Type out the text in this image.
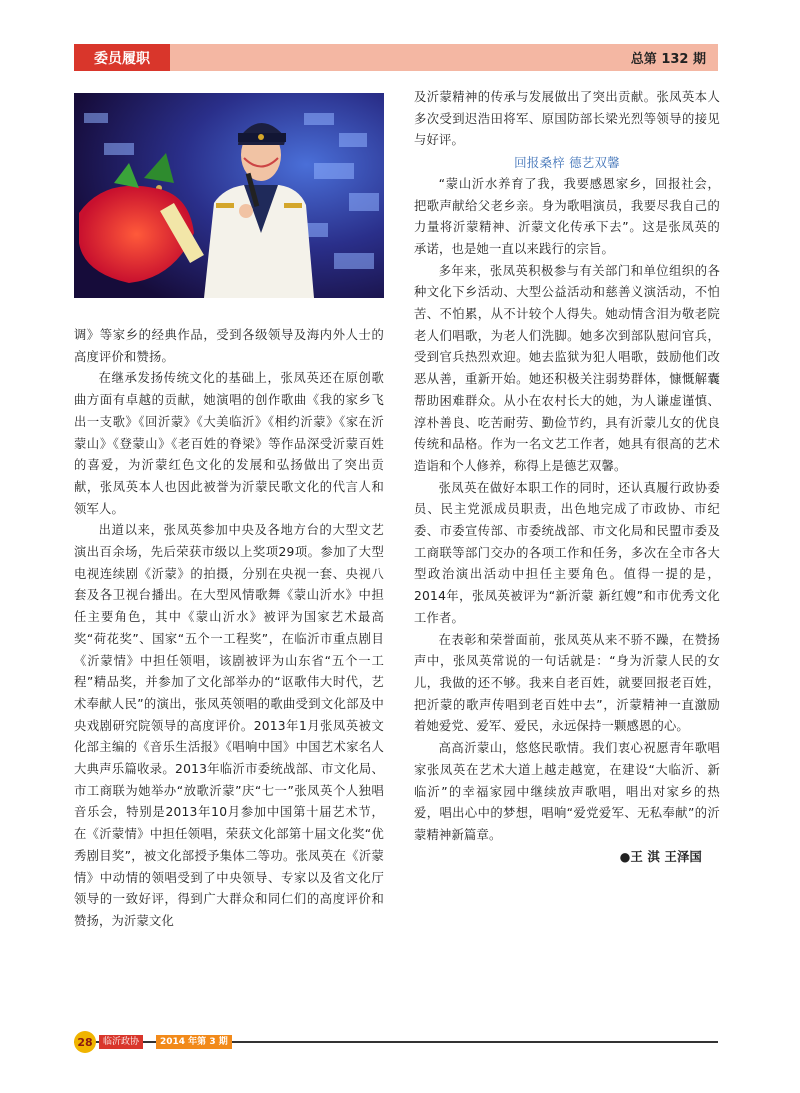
委员履职	总第 132 期

调》等家乡的经典作品，受到各级领导及海内外人士的高度评价和赞扬。

在继承发扬传统文化的基础上，张凤英还在原创歌曲方面有卓越的贡献，她演唱的创作歌曲《我的家乡飞出一支歌》《回沂蒙》《大美临沂》《相约沂蒙》《家在沂蒙山》《登蒙山》《老百姓的脊梁》等作品深受沂蒙百姓的喜爱，为沂蒙红色文化的发展和弘扬做出了突出贡献，张凤英本人也因此被誉为沂蒙民歌文化的代言人和领军人。

出道以来，张凤英参加中央及各地方台的大型文艺演出百余场，先后荣获市级以上奖项29项。参加了大型电视连续剧《沂蒙》的拍摄，分别在央视一套、央视八套及各卫视台播出。在大型风情歌舞《蒙山沂水》中担任主要角色，其中《蒙山沂水》被评为国家艺术最高奖“荷花奖”、国家“五个一工程奖”，在临沂市重点剧目《沂蒙情》中担任领唱，该剧被评为山东省“五个一工程”精品奖，并参加了文化部举办的“讴歌伟大时代，艺术奉献人民”的演出，张凤英领唱的歌曲受到文化部及中央戏剧研究院领导的高度评价。2013年1月张凤英被文化部主编的《音乐生活报》《唱响中国》中国艺术家名人大典声乐篇收录。2013年临沂市委统战部、市文化局、市工商联为她举办“放歌沂蒙”庆“七一”张凤英个人独唱音乐会，特别是2013年10月参加中国第十届艺术节，在《沂蒙情》中担任领唱，荣获文化部第十届文化奖“优秀剧目奖”，被文化部授予集体二等功。张凤英在《沂蒙情》中动情的领唱受到了中央领导、专家以及省文化厅领导的一致好评，得到广大群众和同仁们的高度评价和赞扬，为沂蒙文化

及沂蒙精神的传承与发展做出了突出贡献。张凤英本人多次受到迟浩田将军、原国防部长梁光烈等领导的接见与好评。

回报桑梓 德艺双馨

“蒙山沂水养育了我，我要感恩家乡，回报社会，把歌声献给父老乡亲。身为歌唱演员，我要尽我自己的力量将沂蒙精神、沂蒙文化传承下去”。这是张凤英的承诺，也是她一直以来践行的宗旨。

多年来，张凤英积极参与有关部门和单位组织的各种文化下乡活动、大型公益活动和慈善义演活动，不怕苦、不怕累，从不计较个人得失。她动情含泪为敬老院老人们唱歌，为老人们洗脚。她多次到部队慰问官兵，受到官兵热烈欢迎。她去监狱为犯人唱歌，鼓励他们改恶从善，重新开始。她还积极关注弱势群体，慷慨解囊帮助困难群众。从小在农村长大的她，为人谦虚谨慎、淳朴善良、吃苦耐劳、勤俭节约，具有沂蒙儿女的优良传统和品格。作为一名文艺工作者，她具有很高的艺术造诣和个人修养，称得上是德艺双馨。

张凤英在做好本职工作的同时，还认真履行政协委员、民主党派成员职责，出色地完成了市政协、市纪委、市委宣传部、市委统战部、市文化局和民盟市委及工商联等部门交办的各项工作和任务，多次在全市各大型政治演出活动中担任主要角色。值得一提的是，2014年，张凤英被评为“新沂蒙 新红嫂”和市优秀文化工作者。

在表彰和荣誉面前，张凤英从来不骄不躁，在赞扬声中，张凤英常说的一句话就是：“身为沂蒙人民的女儿，我做的还不够。我来自老百姓，就要回报老百姓，把沂蒙的歌声传唱到老百姓中去”，沂蒙精神一直激励着她爱党、爱军、爱民，永远保持一颗感恩的心。

高高沂蒙山，悠悠民歌情。我们衷心祝愿青年歌唱家张凤英在艺术大道上越走越宽，在建设“大临沂、新临沂”的幸福家园中继续放声歌唱，唱出对家乡的热爱，唱出心中的梦想，唱响“爱党爱军、无私奉献”的沂蒙精神新篇章。

●王 淇 王泽国

28	临沂政协	2014 年第 3 期
